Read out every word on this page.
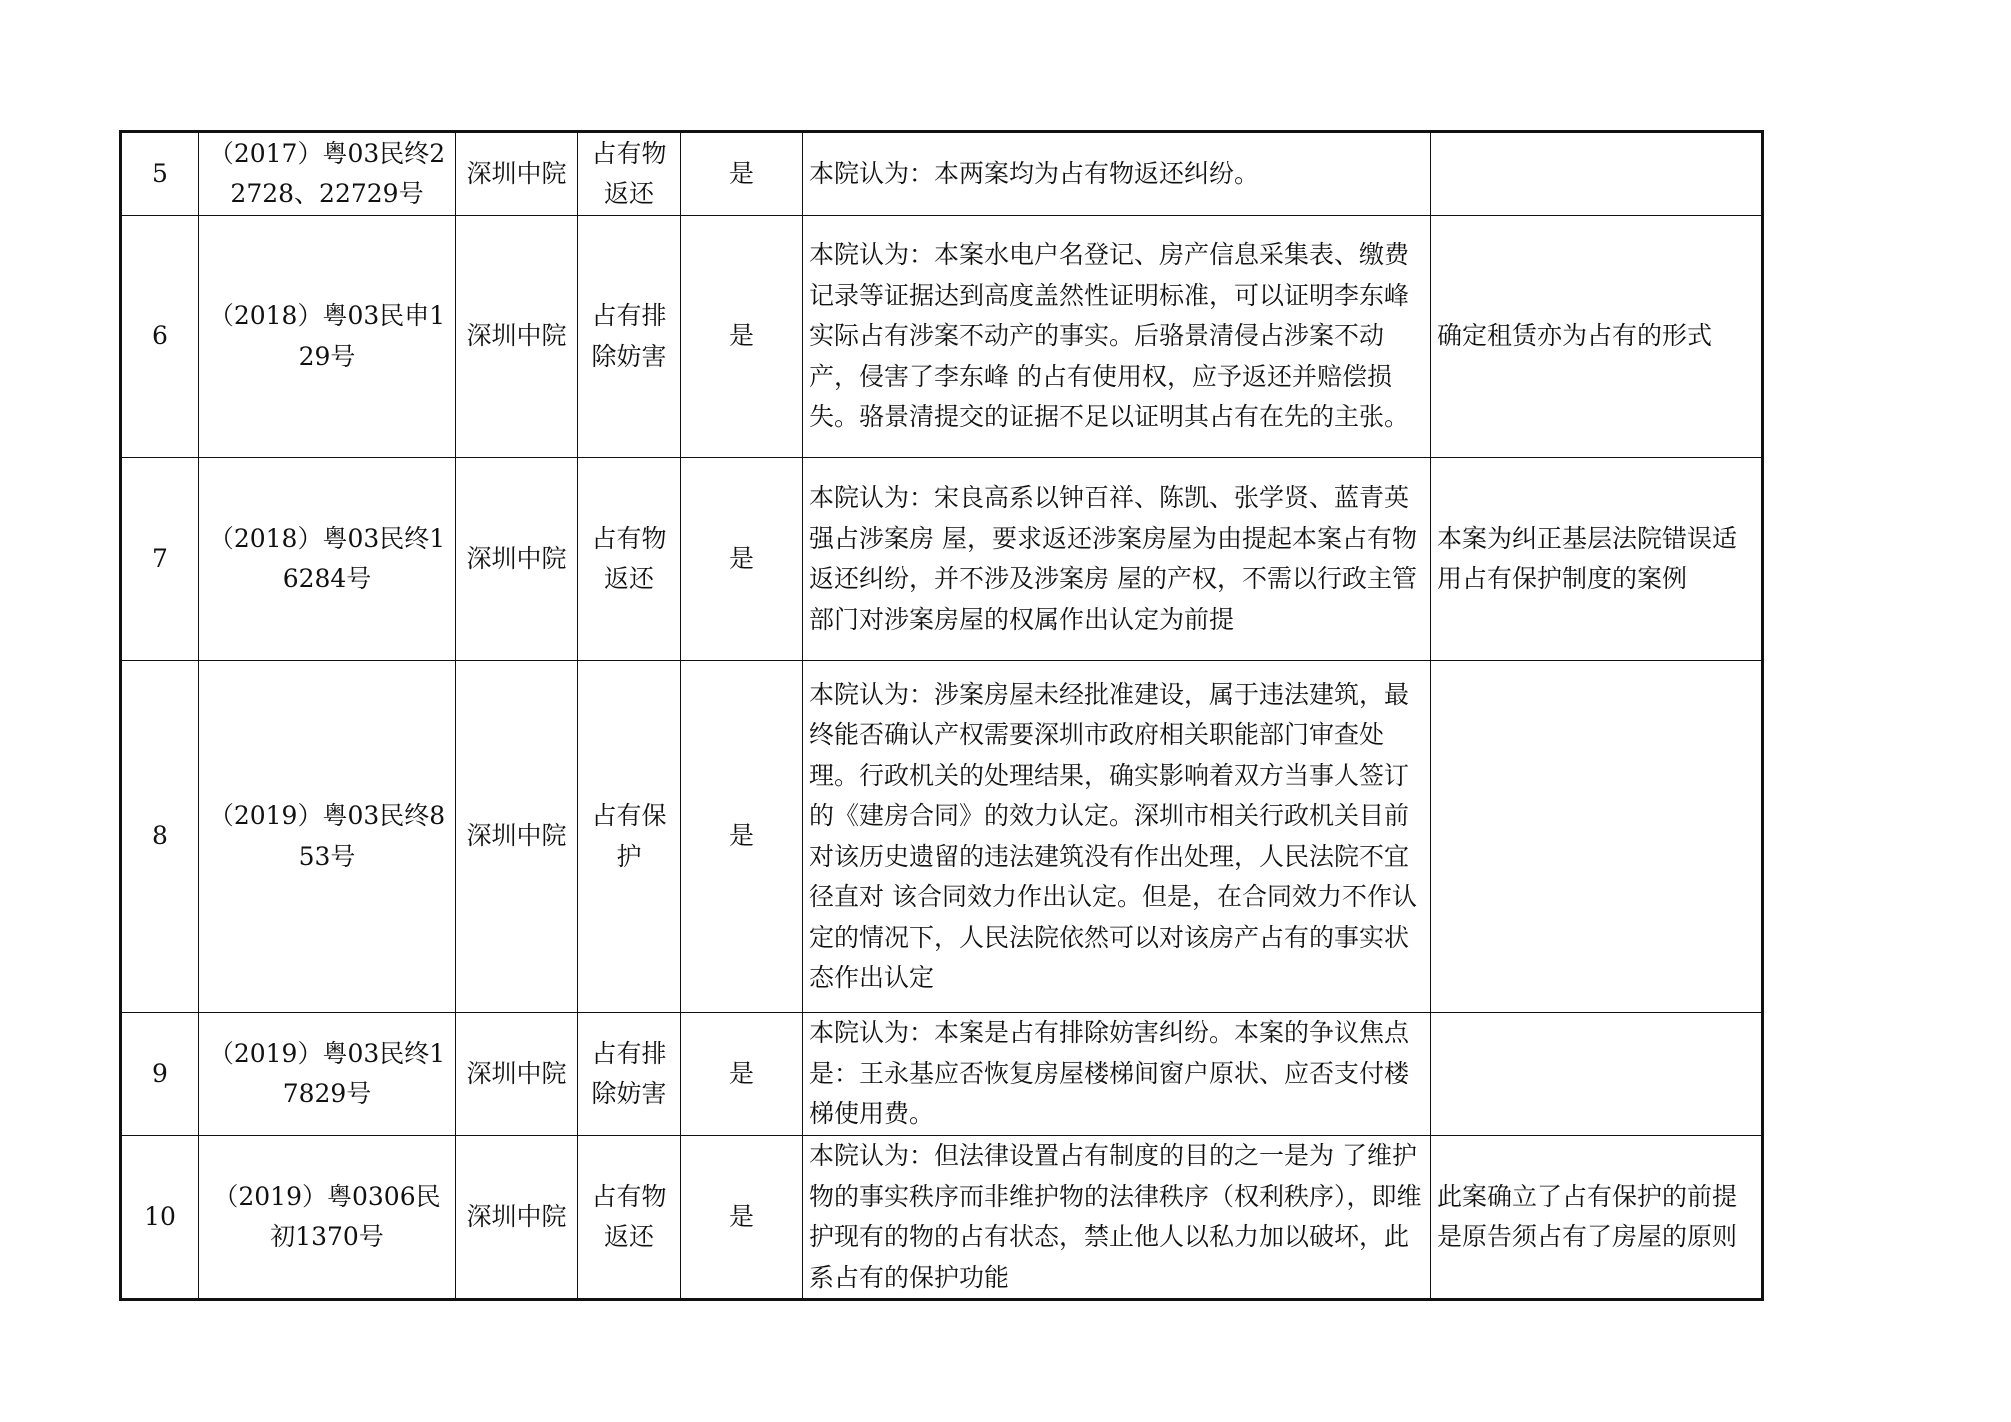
5	（2017）粤03民终22728、22729号	深圳中院	占有物返还	是	本院认为：本两案均为占有物返还纠纷。	
6	（2018）粤03民申129号	深圳中院	占有排除妨害	是	本院认为：本案水电户名登记、房产信息采集表、缴费记录等证据达到高度盖然性证明标准，可以证明李东峰实际占有涉案不动产的事实。后骆景清侵占涉案不动产，侵害了李东峰 的占有使用权，应予返还并赔偿损失。骆景清提交的证据不足以证明其占有在先的主张。	确定租赁亦为占有的形式
7	（2018）粤03民终16284号	深圳中院	占有物返还	是	本院认为：宋良高系以钟百祥、陈凯、张学贤、蓝青英强占涉案房 屋，要求返还涉案房屋为由提起本案占有物返还纠纷，并不涉及涉案房 屋的产权，不需以行政主管部门对涉案房屋的权属作出认定为前提	本案为纠正基层法院错误适用占有保护制度的案例
8	（2019）粤03民终853号	深圳中院	占有保护	是	本院认为：涉案房屋未经批准建设，属于违法建筑，最终能否确认产权需要深圳市政府相关职能部门审查处理。行政机关的处理结果，确实影响着双方当事人签订的《建房合同》的效力认定。深圳市相关行政机关目前对该历史遗留的违法建筑没有作出处理，人民法院不宜径直对 该合同效力作出认定。但是，在合同效力不作认定的情况下，人民法院依然可以对该房产占有的事实状态作出认定	
9	（2019）粤03民终17829号	深圳中院	占有排除妨害	是	本院认为：本案是占有排除妨害纠纷。本案的争议焦点是：王永基应否恢复房屋楼梯间窗户原状、应否支付楼梯使用费。	
10	（2019）粤0306民初1370号	深圳中院	占有物返还	是	本院认为：但法律设置占有制度的目的之一是为 了维护物的事实秩序而非维护物的法律秩序（权利秩序），即维护现有的物的占有状态，禁止他人以私力加以破坏，此系占有的保护功能	此案确立了占有保护的前提是原告须占有了房屋的原则
